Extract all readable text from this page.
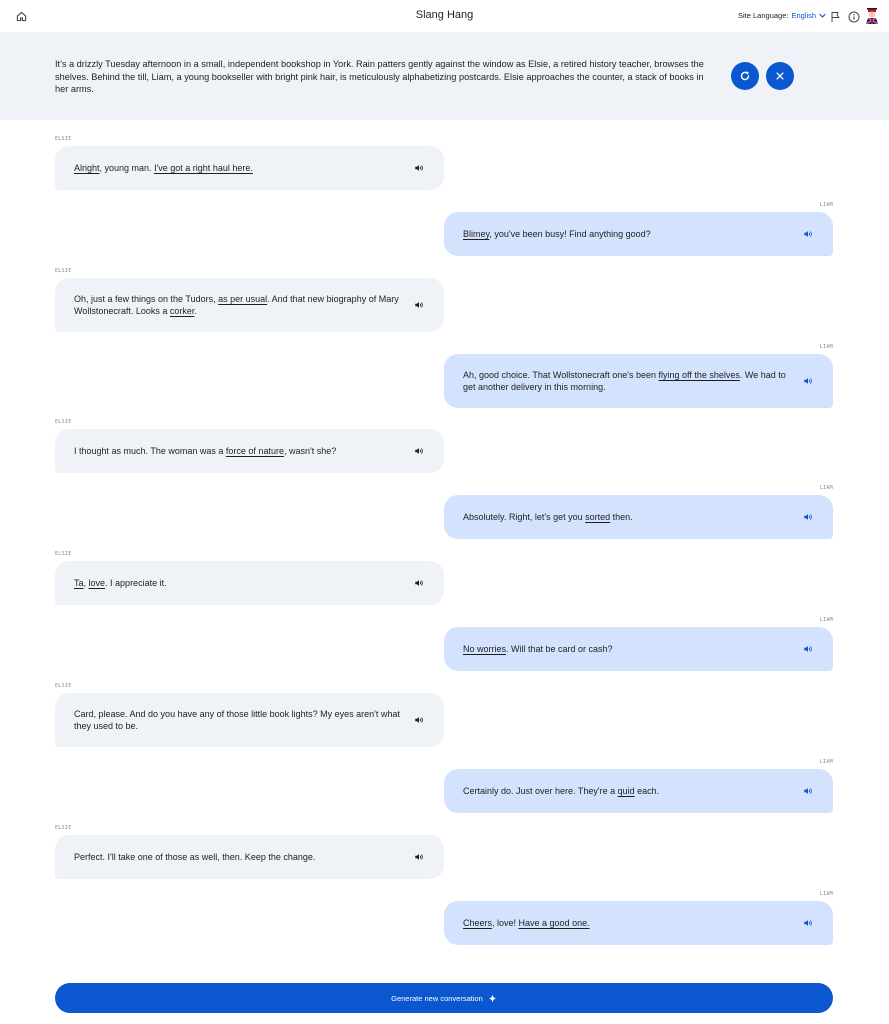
Slang Hang	Site Language: English
It's a drizzly Tuesday afternoon in a small, independent bookshop in York. Rain patters gently against the window as Elsie, a retired history teacher, browses the shelves. Behind the till, Liam, a young bookseller with bright pink hair, is meticulously alphabetizing postcards. Elsie approaches the counter, a stack of books in her arms.
ELSIE
Alright, young man. I've got a right haul here.
LIAM
Blimey, you've been busy! Find anything good?
ELSIE
Oh, just a few things on the Tudors, as per usual. And that new biography of Mary Wollstonecraft. Looks a corker.
LIAM
Ah, good choice. That Wollstonecraft one's been flying off the shelves. We had to get another delivery in this morning.
ELSIE
I thought as much. The woman was a force of nature, wasn't she?
LIAM
Absolutely. Right, let's get you sorted then.
ELSIE
Ta, love. I appreciate it.
LIAM
No worries. Will that be card or cash?
ELSIE
Card, please. And do you have any of those little book lights? My eyes aren't what they used to be.
LIAM
Certainly do. Just over here. They're a quid each.
ELSIE
Perfect. I'll take one of those as well, then. Keep the change.
LIAM
Cheers, love! Have a good one.
Generate new conversation
